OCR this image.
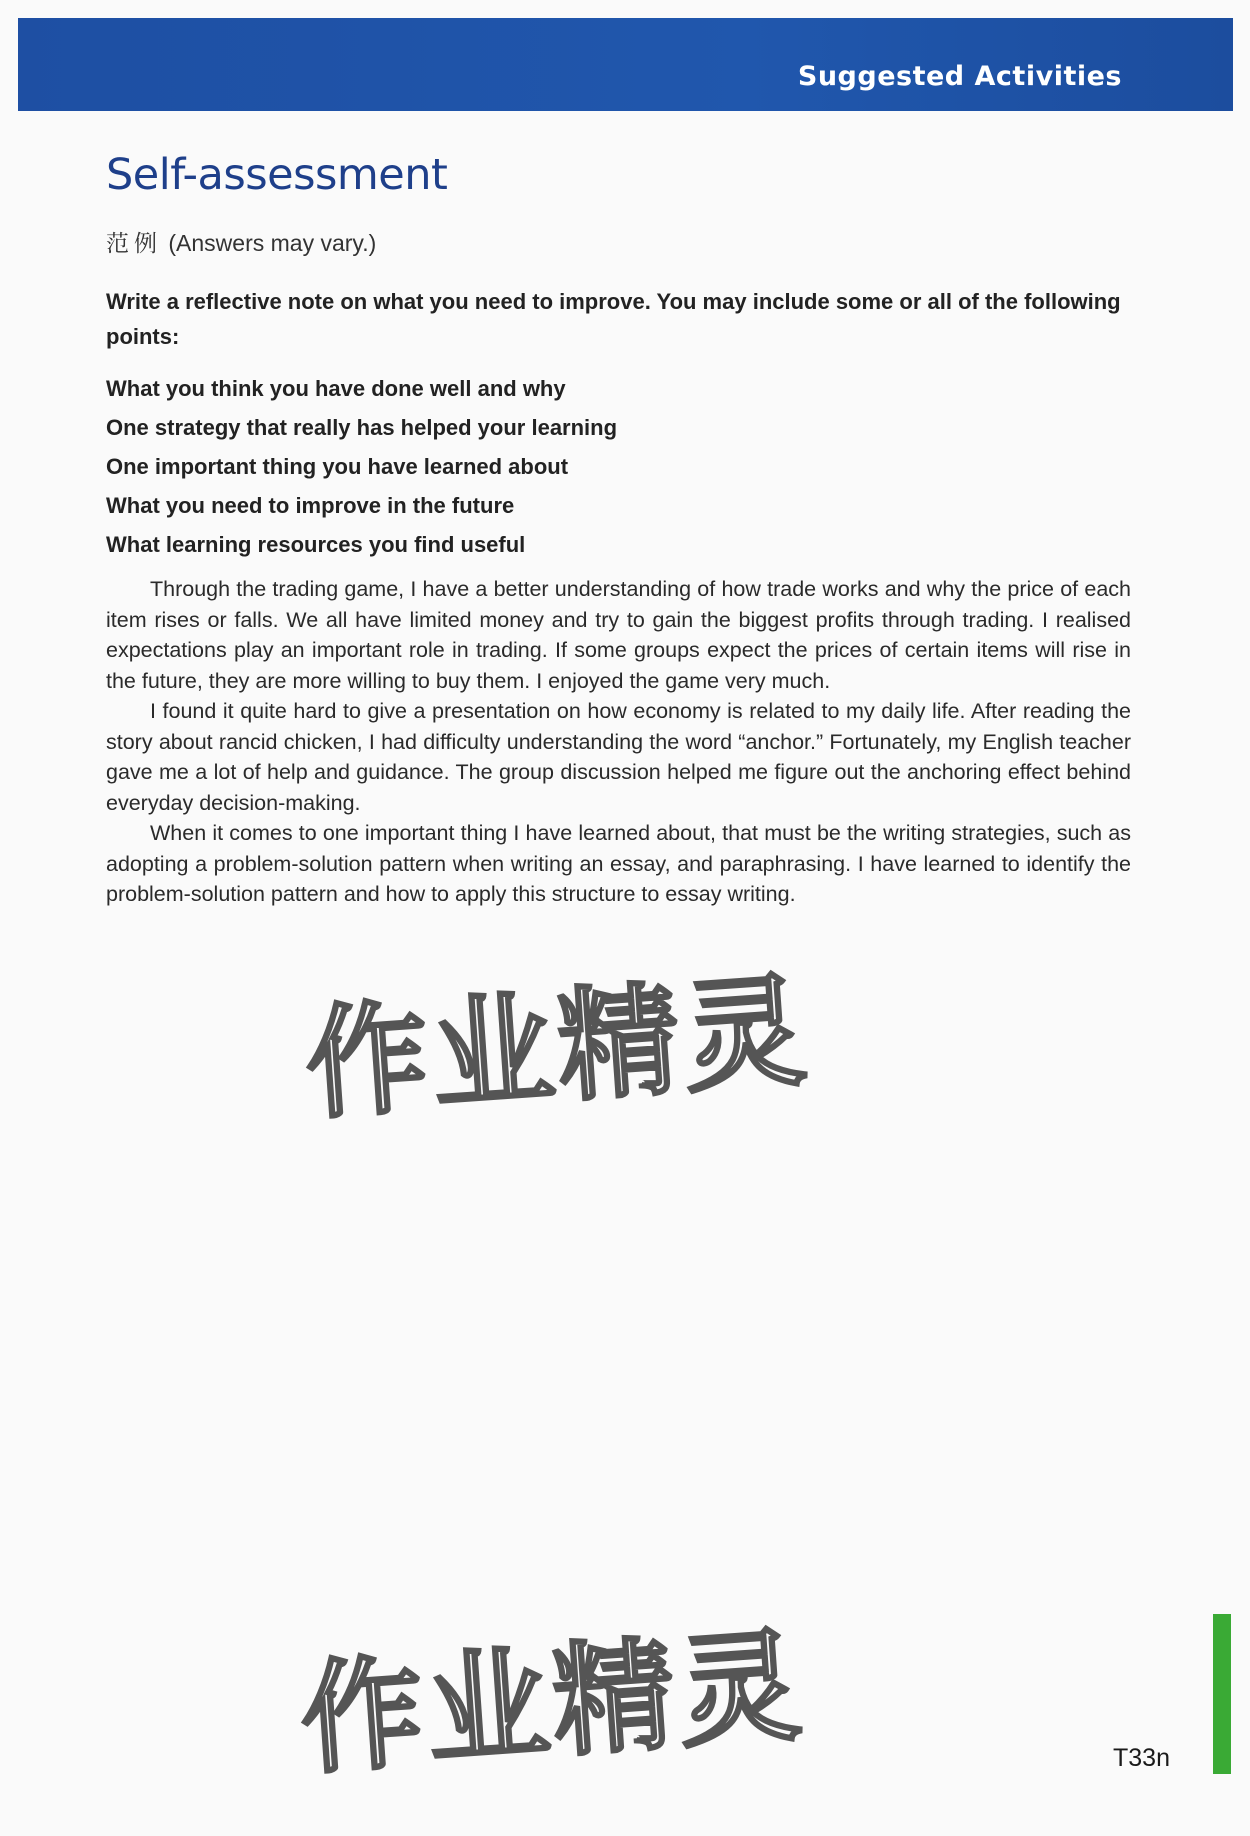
Suggested Activities
Self-assessment
范例 (Answers may vary.)
Write a reflective note on what you need to improve. You may include some or all of the following points:
What you think you have done well and why
One strategy that really has helped your learning
One important thing you have learned about
What you need to improve in the future
What learning resources you find useful

Through the trading game, I have a better understanding of how trade works and why the price of each item rises or falls. We all have limited money and try to gain the biggest profits through trading. I realised expectations play an important role in trading. If some groups expect the prices of certain items will rise in the future, they are more willing to buy them. I enjoyed the game very much.

I found it quite hard to give a presentation on how economy is related to my daily life. After reading the story about rancid chicken, I had difficulty understanding the word “anchor.” Fortunately, my English teacher gave me a lot of help and guidance. The group discussion helped me figure out the anchoring effect behind everyday decision-making.

When it comes to one important thing I have learned about, that must be the writing strategies, such as adopting a problem-solution pattern when writing an essay, and paraphrasing. I have learned to identify the problem-solution pattern and how to apply this structure to essay writing.

作业精灵
作业精灵	T33n
